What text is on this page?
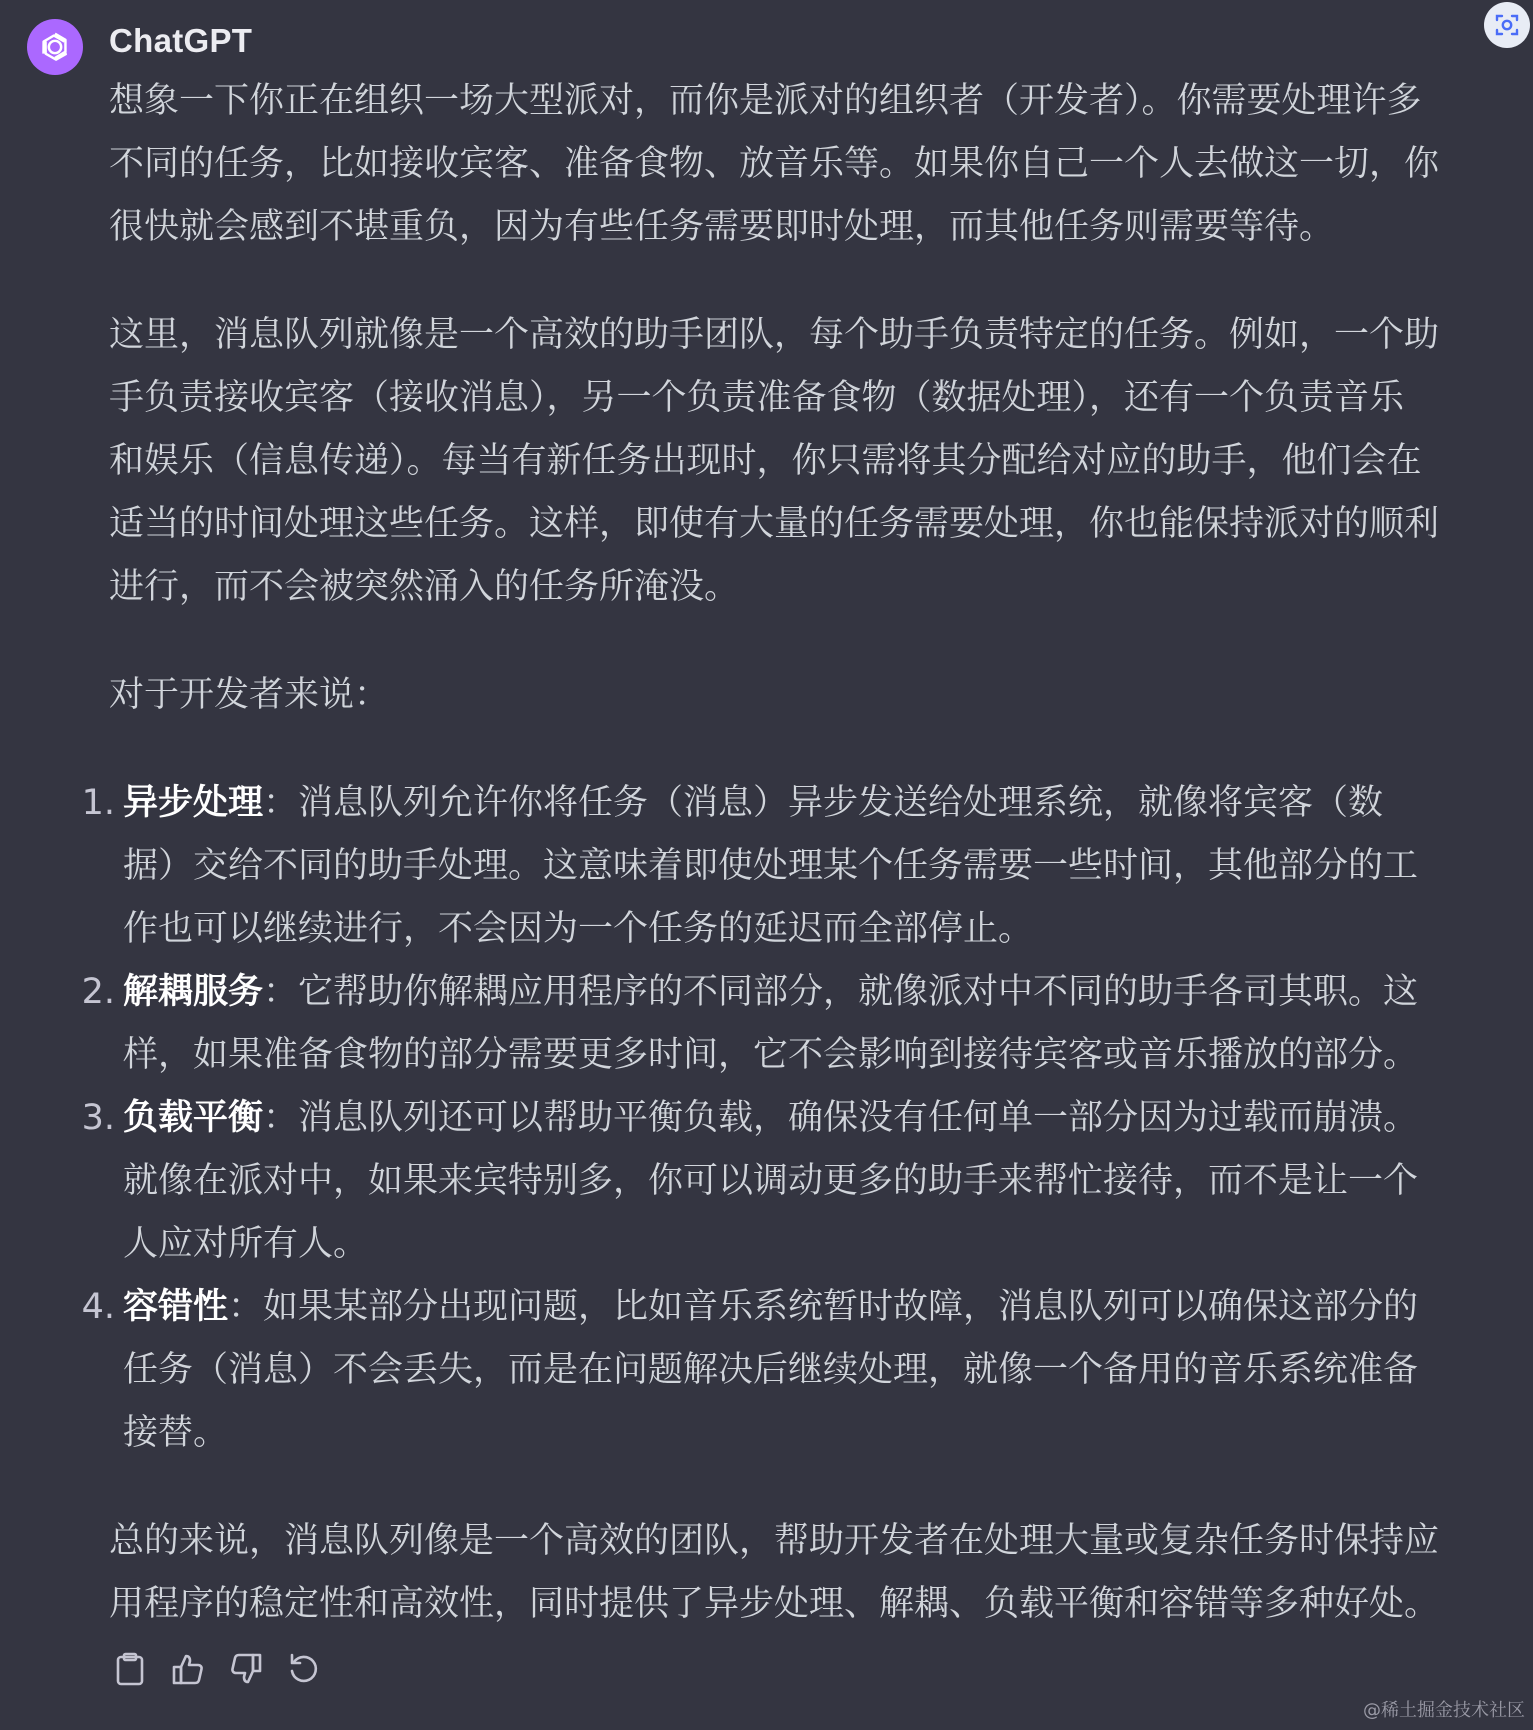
ChatGPT

想象一下你正在组织一场大型派对，而你是派对的组织者（开发者）。你需要处理许多
不同的任务，比如接收宾客、准备食物、放音乐等。如果你自己一个人去做这一切，你
很快就会感到不堪重负，因为有些任务需要即时处理，而其他任务则需要等待。

这里，消息队列就像是一个高效的助手团队，每个助手负责特定的任务。例如，一个助
手负责接收宾客（接收消息），另一个负责准备食物（数据处理），还有一个负责音乐
和娱乐（信息传递）。每当有新任务出现时，你只需将其分配给对应的助手，他们会在
适当的时间处理这些任务。这样，即使有大量的任务需要处理，你也能保持派对的顺利
进行，而不会被突然涌入的任务所淹没。

对于开发者来说：

1. 异步处理：消息队列允许你将任务（消息）异步发送给处理系统，就像将宾客（数
据）交给不同的助手处理。这意味着即使处理某个任务需要一些时间，其他部分的工
作也可以继续进行，不会因为一个任务的延迟而全部停止。
2. 解耦服务：它帮助你解耦应用程序的不同部分，就像派对中不同的助手各司其职。这
样，如果准备食物的部分需要更多时间，它不会影响到接待宾客或音乐播放的部分。
3. 负载平衡：消息队列还可以帮助平衡负载，确保没有任何单一部分因为过载而崩溃。
就像在派对中，如果来宾特别多，你可以调动更多的助手来帮忙接待，而不是让一个
人应对所有人。
4. 容错性：如果某部分出现问题，比如音乐系统暂时故障，消息队列可以确保这部分的
任务（消息）不会丢失，而是在问题解决后继续处理，就像一个备用的音乐系统准备
接替。

总的来说，消息队列像是一个高效的团队，帮助开发者在处理大量或复杂任务时保持应
用程序的稳定性和高效性，同时提供了异步处理、解耦、负载平衡和容错等多种好处。

@稀土掘金技术社区
